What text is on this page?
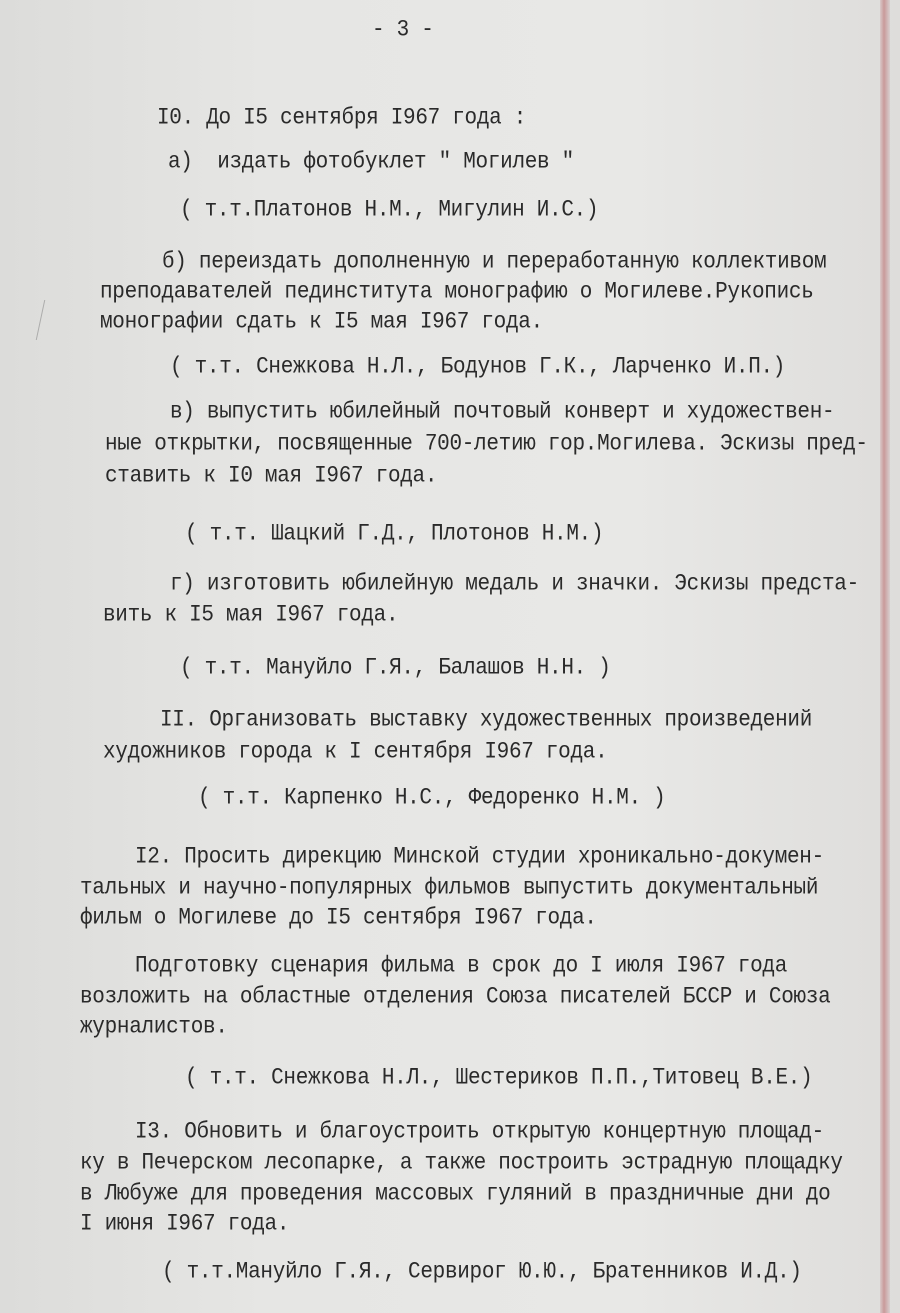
- 3 -
I0. До I5 сентября I967 года :
а)  издать фотобуклет " Могилев "
( т.т.Платонов Н.М., Мигулин И.С.)
б) переиздать дополненную и переработанную коллективом
преподавателей пединститута монографию о Могилеве.Рукопись
монографии сдать к I5 мая I967 года.
( т.т. Снежкова Н.Л., Бодунов Г.К., Ларченко И.П.)
в) выпустить юбилейный почтовый конверт и художествен-
ные открытки, посвященные 700-летию гор.Могилева. Эскизы пред-
ставить к I0 мая I967 года.
( т.т. Шацкий Г.Д., Плотонов Н.М.)
г) изготовить юбилейную медаль и значки. Эскизы предста-
вить к I5 мая I967 года.
( т.т. Мануйло Г.Я., Балашов Н.Н. )
II. Организовать выставку художественных произведений
художников города к I сентября I967 года.
( т.т. Карпенко Н.С., Федоренко Н.М. )
I2. Просить дирекцию Минской студии хроникально-докумен-
тальных и научно-популярных фильмов выпустить документальный
фильм о Могилеве до I5 сентября I967 года.
Подготовку сценария фильма в срок до I июля I967 года
возложить на областные отделения Союза писателей БССР и Союза
журналистов.
( т.т. Снежкова Н.Л., Шестериков П.П.,Титовец В.Е.)
I3. Обновить и благоустроить открытую концертную площад-
ку в Печерском лесопарке, а также построить эстрадную площадку
в Любуже для проведения массовых гуляний в праздничные дни до
I июня I967 года.
( т.т.Мануйло Г.Я., Сервирог Ю.Ю., Братенников И.Д.)
